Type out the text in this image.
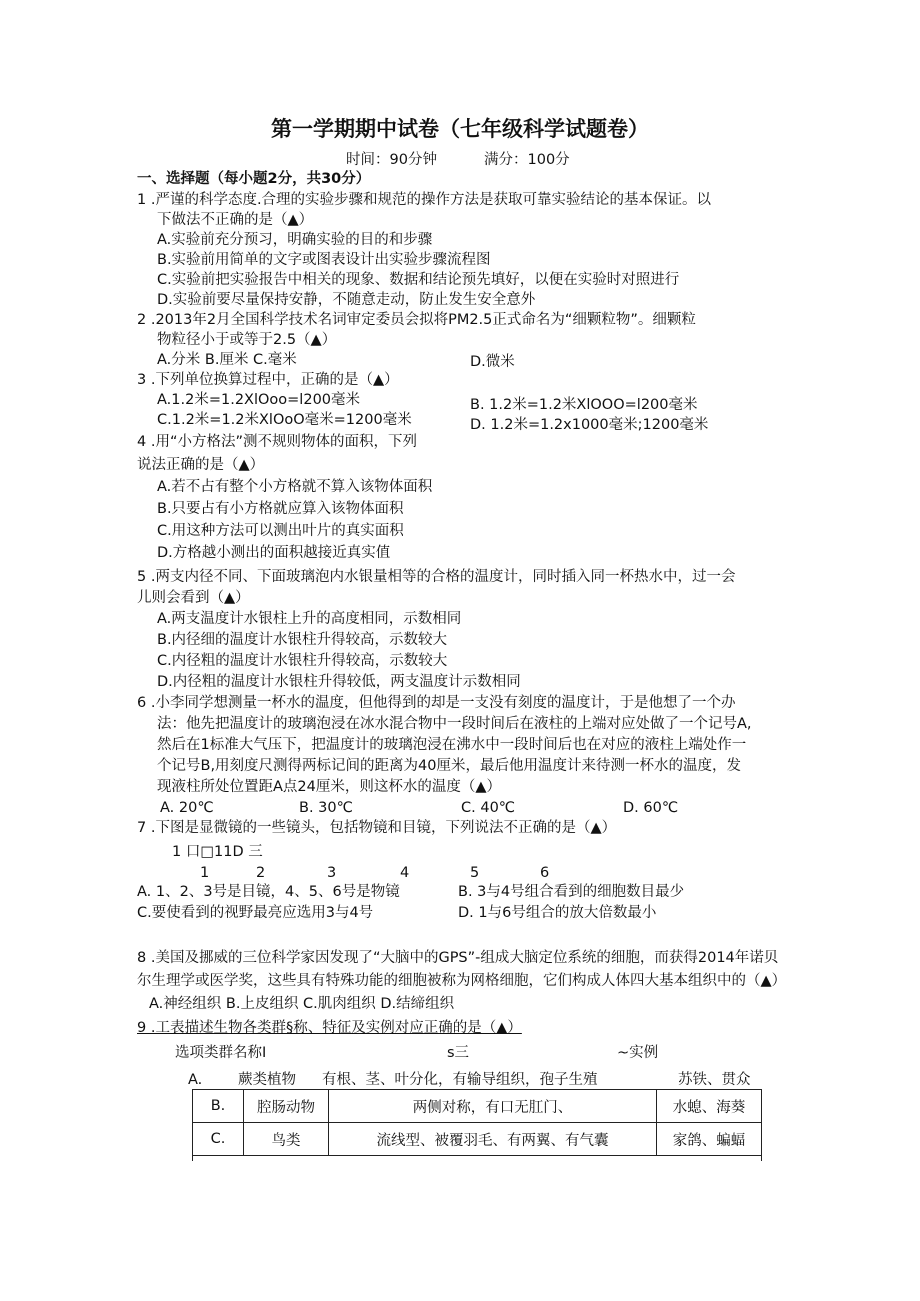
第一学期期中试卷（七年级科学试题卷）
时间：90分钟	满分：100分
一、选择题（每小题2分，共30分）
1 .严谨的科学态度.合理的实验步骤和规范的操作方法是获取可靠实验结论的基本保证。以
下做法不正确的是（▲）
A.实验前充分预习，明确实验的目的和步骤
B.实验前用简单的文字或图表设计出实验步骤流程图
C.实验前把实验报告中相关的现象、数据和结论预先填好，以便在实验时对照进行
D.实验前要尽量保持安静，不随意走动，防止发生安全意外
2 .2013年2月全国科学技术名词审定委员会拟将PM2.5正式命名为“细颗粒物”。细颗粒
物粒径小于或等于2.5（▲）
A.分米 B.厘米 C.毫米	D.微米
3 .下列单位换算过程中，正确的是（▲）
A.1.2米=1.2XlOoo=l200毫米	B. 1.2米=1.2米XlOOO=l200毫米
C.1.2米=1.2米XlOoO毫米=1200毫米	D. 1.2米=1.2x1000毫米;1200毫米
4 .用“小方格法”测不规则物体的面积，下列
说法正确的是（▲）
A.若不占有整个小方格就不算入该物体面积
B.只要占有小方格就应算入该物体面积
C.用这种方法可以测出叶片的真实面积
D.方格越小测出的面积越接近真实值
5 .两支内径不同、下面玻璃泡内水银量相等的合格的温度计，同时插入同一杯热水中，过一会
儿则会看到（▲）
A.两支温度计水银柱上升的高度相同，示数相同
B.内径细的温度计水银柱升得较高，示数较大
C.内径粗的温度计水银柱升得较高，示数较大
D.内径粗的温度计水银柱升得较低，两支温度计示数相同
6 .小李同学想测量一杯水的温度，但他得到的却是一支没有刻度的温度计，于是他想了一个办
法：他先把温度计的玻璃泡浸在冰水混合物中一段时间后在液柱的上端对应处做了一个记号A,
然后在1标准大气压下，把温度计的玻璃泡浸在沸水中一段时间后也在对应的液柱上端处作一
个记号B,用刻度尺测得两标记间的距离为40厘米，最后他用温度计来待测一杯水的温度，发
现液柱所处位置距A点24厘米，则这杯水的温度（▲）
A. 20℃	B. 30℃	C. 40℃	D. 60℃
7 .下图是显微镜的一些镜头，包括物镜和目镜，下列说法不正确的是（▲）
1 口□11D 三
1	2	3	4	5	6
A. 1、2、3号是目镜，4、5、6号是物镜	B. 3与4号组合看到的细胞数目最少
C.要使看到的视野最亮应选用3与4号	D. 1与6号组合的放大倍数最小
8 .美国及挪威的三位科学家因发现了“大脑中的GPS”-组成大脑定位系统的细胞，而获得2014年诺贝
尔生理学或医学奖，这些具有特殊功能的细胞被称为网格细胞，它们构成人体四大基本组织中的（▲）
A.神经组织 B.上皮组织 C.肌肉组织 D.结缔组织
9 .工表描述生物各类群§称、特征及实例对应正确的是（▲）
选项类群名称I	s三	~实例
A. 蕨类植物 有根、茎、叶分化，有输导组织，孢子生殖	苏铁、贯众
B.	腔肠动物	两侧对称，有口无肛门、	水螅、海葵
C.	鸟类	流线型、被覆羽毛、有两翼、有气囊	家鸽、蝙蝠
